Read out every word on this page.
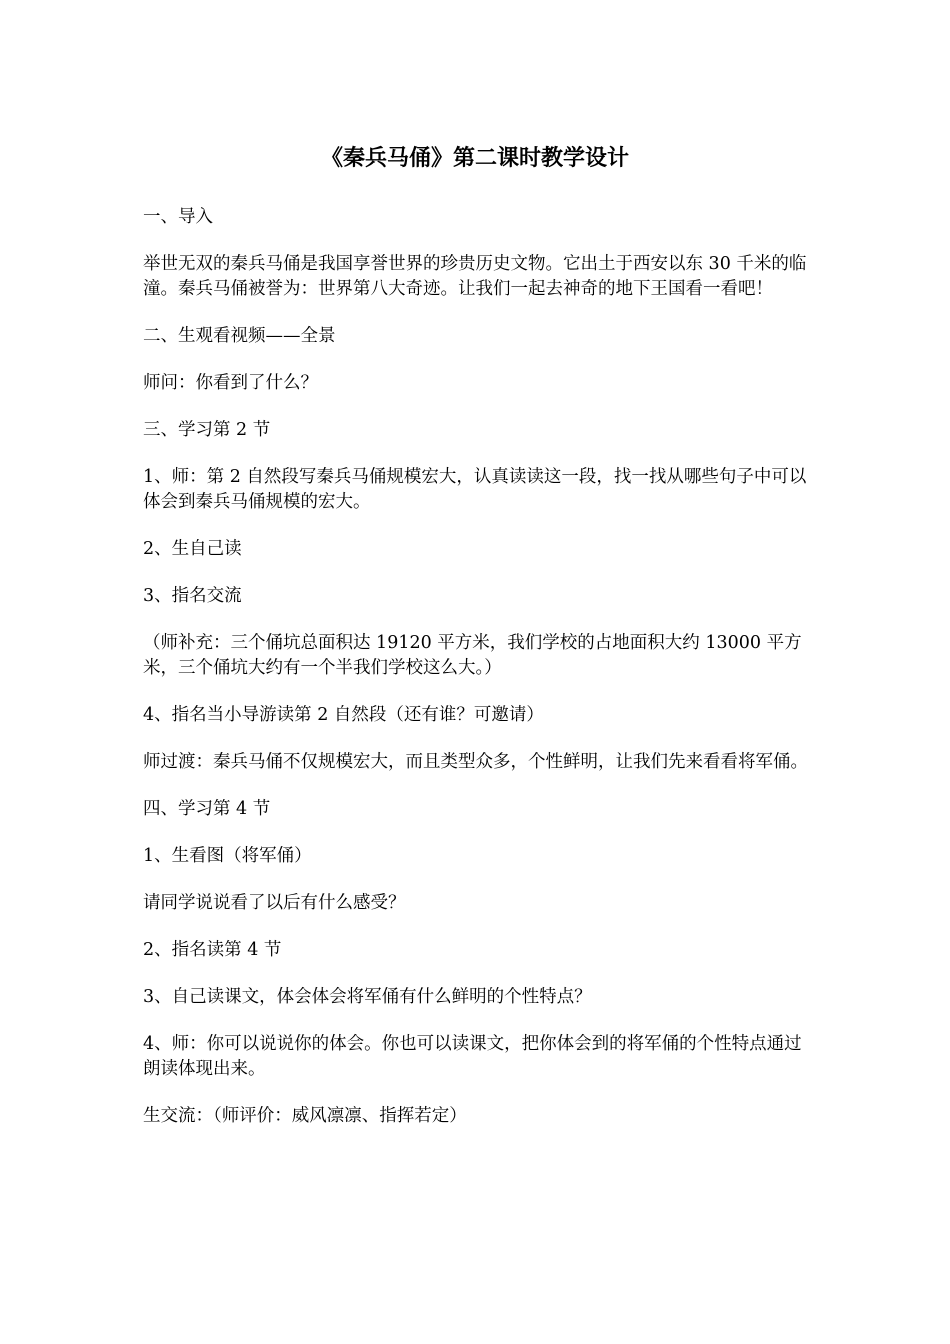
《秦兵马俑》第二课时教学设计

一、导入

举世无双的秦兵马俑是我国享誉世界的珍贵历史文物。它出土于西安以东 30 千米的临潼。秦兵马俑被誉为：世界第八大奇迹。让我们一起去神奇的地下王国看一看吧！

二、生观看视频——全景

师问：你看到了什么？

三、学习第 2 节

1、师：第 2 自然段写秦兵马俑规模宏大，认真读读这一段，找一找从哪些句子中可以体会到秦兵马俑规模的宏大。

2、生自己读

3、指名交流

（师补充：三个俑坑总面积达 19120 平方米，我们学校的占地面积大约 13000 平方米，三个俑坑大约有一个半我们学校这么大。）

4、指名当小导游读第 2 自然段（还有谁？可邀请）

师过渡：秦兵马俑不仅规模宏大，而且类型众多，个性鲜明，让我们先来看看将军俑。

四、学习第 4 节

1、生看图（将军俑）

请同学说说看了以后有什么感受？

2、指名读第 4 节

3、自己读课文，体会体会将军俑有什么鲜明的个性特点？

4、师：你可以说说你的体会。你也可以读课文，把你体会到的将军俑的个性特点通过朗读体现出来。

生交流：（师评价：威风凛凛、指挥若定）
